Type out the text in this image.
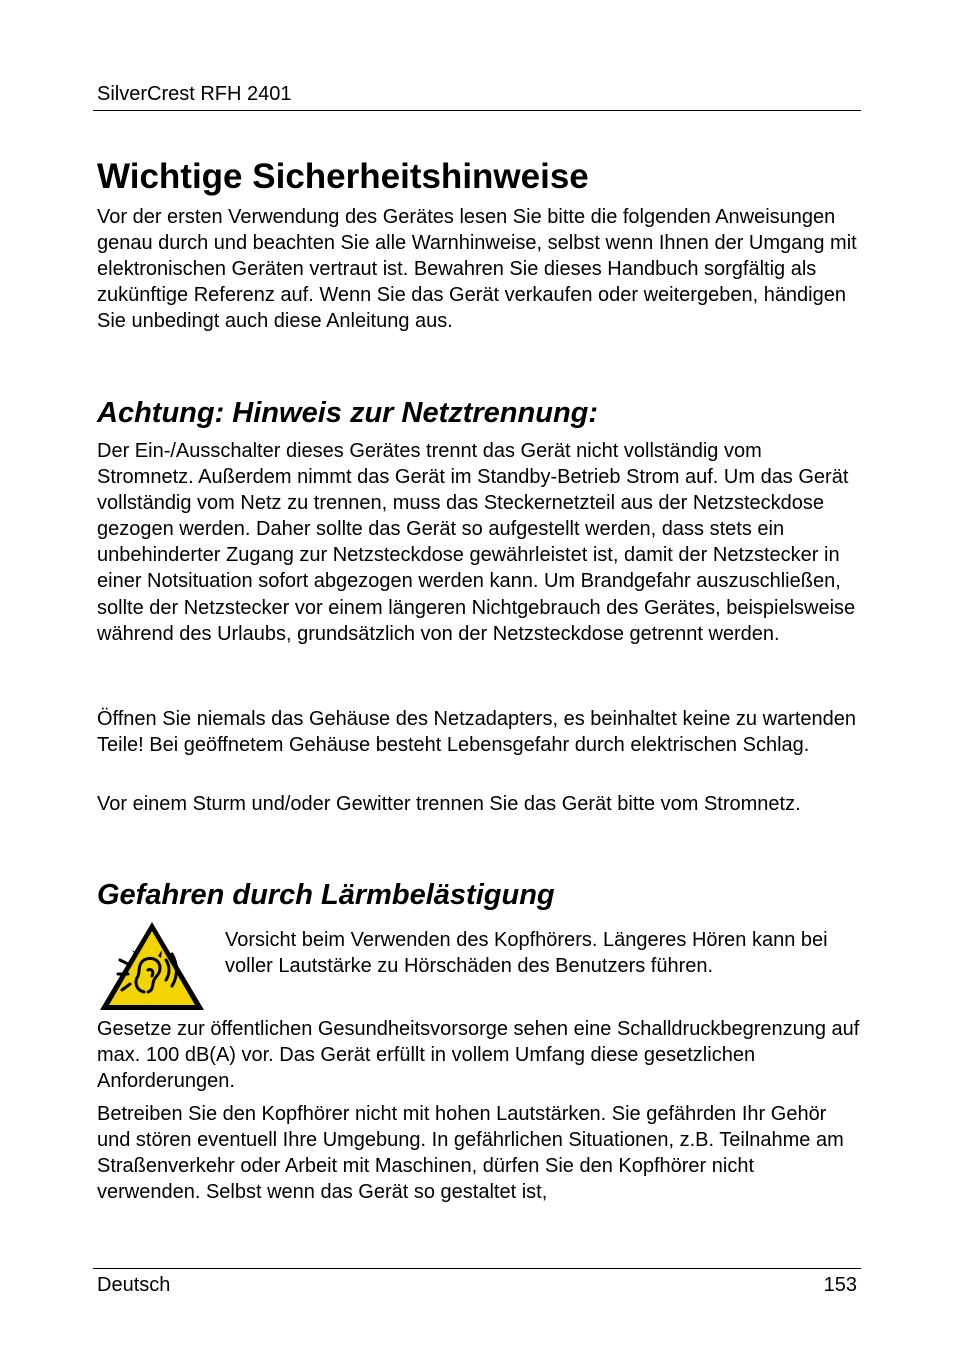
SilverCrest RFH 2401
Wichtige Sicherheitshinweise

Vor der ersten Verwendung des Gerätes lesen Sie bitte die folgenden Anweisungen genau durch und beachten Sie alle Warnhinweise, selbst wenn Ihnen der Umgang mit elektronischen Geräten vertraut ist. Bewahren Sie dieses Handbuch sorgfältig als zukünftige Referenz auf. Wenn Sie das Gerät verkaufen oder weitergeben, händigen Sie unbedingt auch diese Anleitung aus.

Achtung: Hinweis zur Netztrennung:

Der Ein-/Ausschalter dieses Gerätes trennt das Gerät nicht vollständig vom Stromnetz. Außerdem nimmt das Gerät im Standby-Betrieb Strom auf. Um das Gerät vollständig vom Netz zu trennen, muss das Steckernetzteil aus der Netzsteckdose gezogen werden. Daher sollte das Gerät so aufgestellt werden, dass stets ein unbehinderter Zugang zur Netzsteckdose gewährleistet ist, damit der Netzstecker in einer Notsituation sofort abgezogen werden kann. Um Brandgefahr auszuschließen, sollte der Netzstecker vor einem längeren Nichtgebrauch des Gerätes, beispielsweise während des Urlaubs, grundsätzlich von der Netzsteckdose getrennt werden.

Öffnen Sie niemals das Gehäuse des Netzadapters, es beinhaltet keine zu wartenden Teile! Bei geöffnetem Gehäuse besteht Lebensgefahr durch elektrischen Schlag.

Vor einem Sturm und/oder Gewitter trennen Sie das Gerät bitte vom Stromnetz.

Gefahren durch Lärmbelästigung

Vorsicht beim Verwenden des Kopfhörers. Längeres Hören kann bei voller Lautstärke zu Hörschäden des Benutzers führen.

Gesetze zur öffentlichen Gesundheitsvorsorge sehen eine Schalldruckbegrenzung auf max. 100 dB(A) vor. Das Gerät erfüllt in vollem Umfang diese gesetzlichen Anforderungen.

Betreiben Sie den Kopfhörer nicht mit hohen Lautstärken. Sie gefährden Ihr Gehör und stören eventuell Ihre Umgebung. In gefährlichen Situationen, z.B. Teilnahme am Straßenverkehr oder Arbeit mit Maschinen, dürfen Sie den Kopfhörer nicht verwenden. Selbst wenn das Gerät so gestaltet ist,

Deutsch	153
